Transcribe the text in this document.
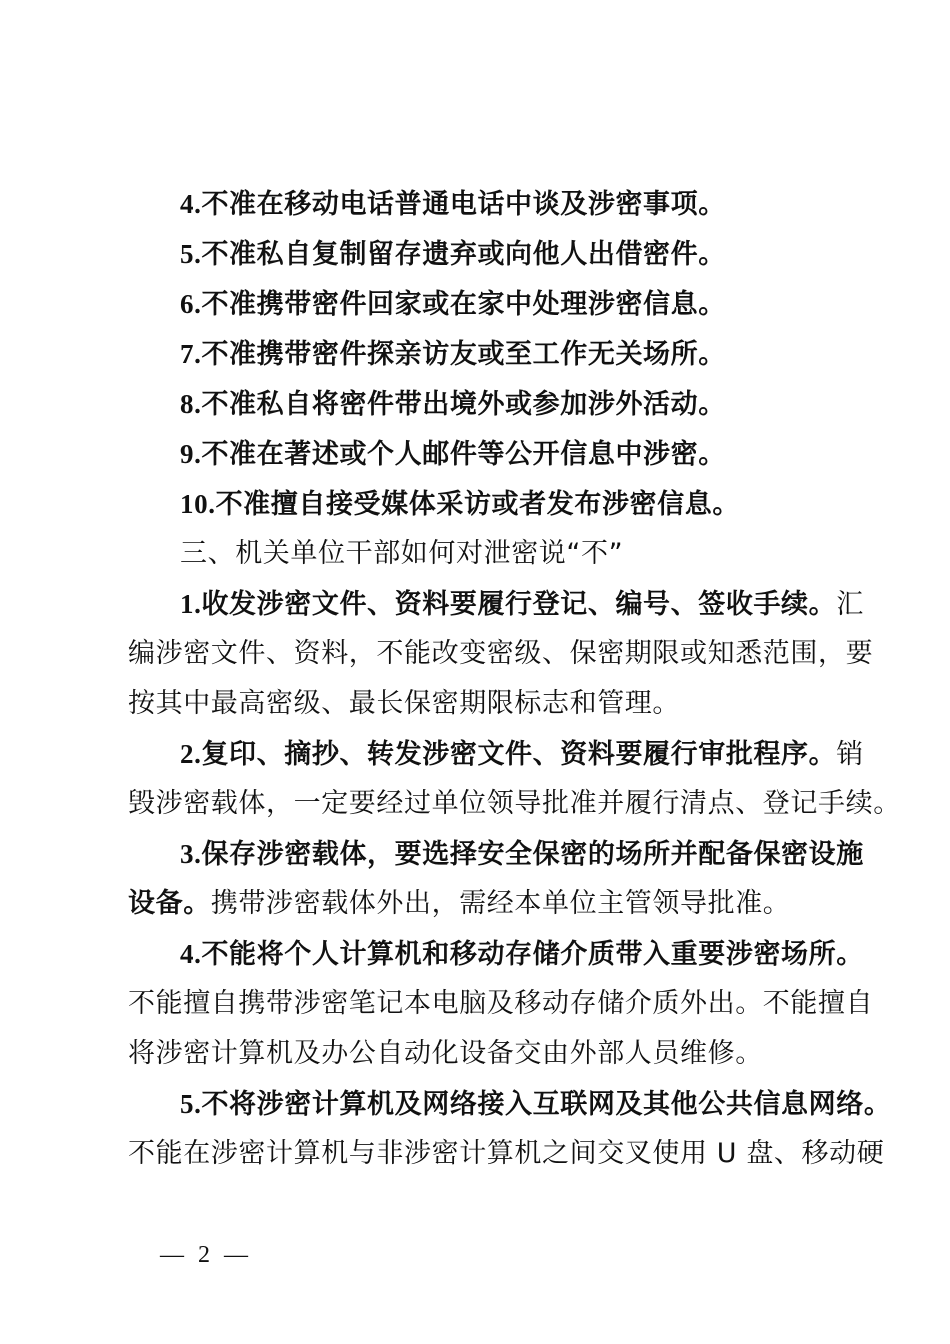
4.不准在移动电话普通电话中谈及涉密事项。
5.不准私自复制留存遗弃或向他人出借密件。
6.不准携带密件回家或在家中处理涉密信息。
7.不准携带密件探亲访友或至工作无关场所。
8.不准私自将密件带出境外或参加涉外活动。
9.不准在著述或个人邮件等公开信息中涉密。
10.不准擅自接受媒体采访或者发布涉密信息。
三、机关单位干部如何对泄密说“不”
1.收发涉密文件、资料要履行登记、编号、签收手续。汇
编涉密文件、资料，不能改变密级、保密期限或知悉范围，要
按其中最高密级、最长保密期限标志和管理。
2.复印、摘抄、转发涉密文件、资料要履行审批程序。销
毁涉密载体，一定要经过单位领导批准并履行清点、登记手续。
3.保存涉密载体，要选择安全保密的场所并配备保密设施
设备。携带涉密载体外出，需经本单位主管领导批准。
4.不能将个人计算机和移动存储介质带入重要涉密场所。
不能擅自携带涉密笔记本电脑及移动存储介质外出。不能擅自
将涉密计算机及办公自动化设备交由外部人员维修。
5.不将涉密计算机及网络接入互联网及其他公共信息网络。
不能在涉密计算机与非涉密计算机之间交叉使用 U 盘、移动硬
— 2 —
